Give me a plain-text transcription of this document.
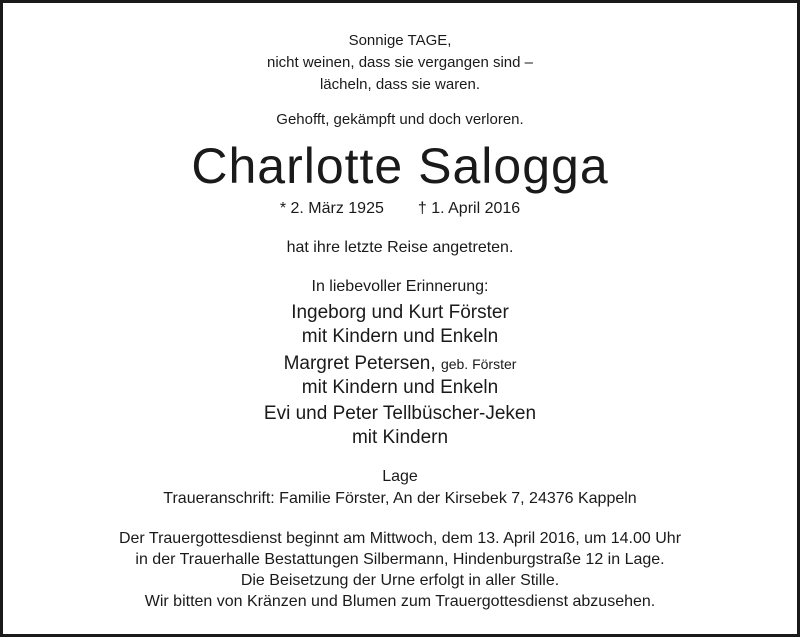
Sonnige TAGE,

nicht weinen, dass sie vergangen sind –

lächeln, dass sie waren.

Gehofft, gekämpft und doch verloren.

Charlotte Salogga

* 2. März 1925 † 1. April 2016

hat ihre letzte Reise angetreten.

In liebevoller Erinnerung:

Ingeborg und Kurt Förster

mit Kindern und Enkeln

Margret Petersen, geb. Förster

mit Kindern und Enkeln

Evi und Peter Tellbüscher-Jeken

mit Kindern

Lage

Traueranschrift: Familie Förster, An der Kirsebek 7, 24376 Kappeln

Der Trauergottesdienst beginnt am Mittwoch, dem 13. April 2016, um 14.00 Uhr

in der Trauerhalle Bestattungen Silbermann, Hindenburgstraße 12 in Lage.

Die Beisetzung der Urne erfolgt in aller Stille.

Wir bitten von Kränzen und Blumen zum Trauergottesdienst abzusehen.
